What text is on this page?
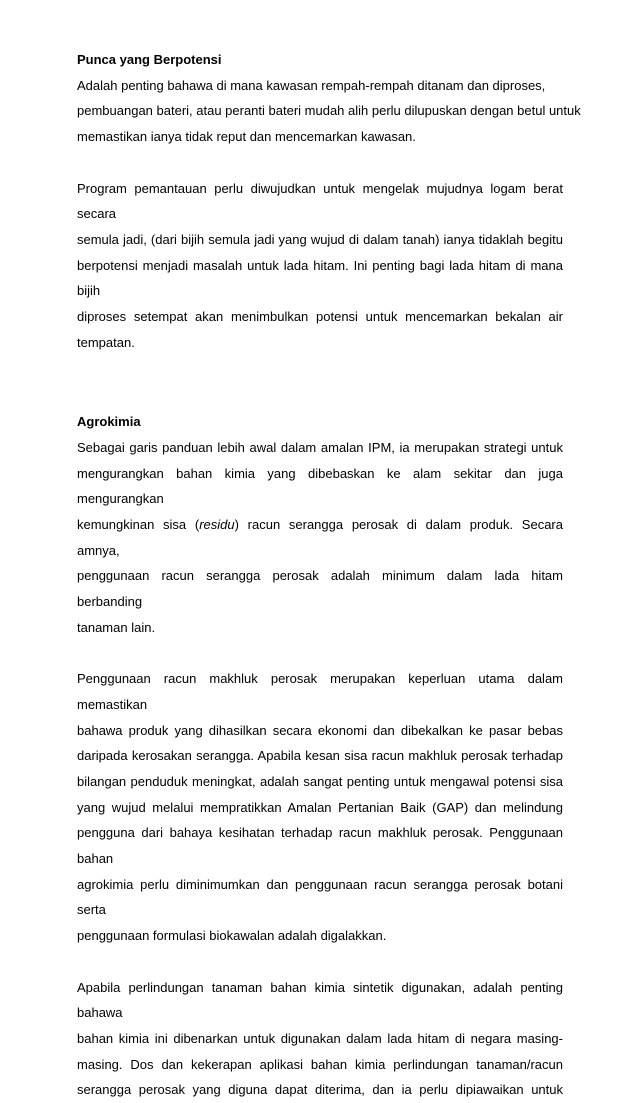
Punca yang Berpotensi

Adalah penting bahawa di mana kawasan rempah-rempah ditanam dan diproses,
pembuangan bateri, atau peranti bateri mudah alih perlu dilupuskan dengan betul untuk
memastikan ianya tidak reput dan mencemarkan kawasan.

Program pemantauan perlu diwujudkan untuk mengelak mujudnya logam berat secara
semula jadi, (dari bijih semula jadi yang wujud di dalam tanah) ianya tidaklah begitu
berpotensi menjadi masalah untuk lada hitam. Ini penting bagi lada hitam di mana bijih
diproses setempat akan menimbulkan potensi untuk mencemarkan bekalan air
tempatan.

Agrokimia

Sebagai garis panduan lebih awal dalam amalan IPM, ia merupakan strategi untuk
mengurangkan bahan kimia yang dibebaskan ke alam sekitar dan juga mengurangkan
kemungkinan sisa (residu) racun serangga perosak di dalam produk. Secara amnya,
penggunaan racun serangga perosak adalah minimum dalam lada hitam berbanding
tanaman lain.

Penggunaan racun makhluk perosak merupakan keperluan utama dalam memastikan
bahawa produk yang dihasilkan secara ekonomi dan dibekalkan ke pasar bebas
daripada kerosakan serangga. Apabila kesan sisa racun makhluk perosak terhadap
bilangan penduduk meningkat, adalah sangat penting untuk mengawal potensi sisa
yang wujud melalui mempratikkan Amalan Pertanian Baik (GAP) dan melindung
pengguna dari bahaya kesihatan terhadap racun makhluk perosak. Penggunaan bahan
agrokimia perlu diminimumkan dan penggunaan racun serangga perosak botani serta
penggunaan formulasi biokawalan adalah digalakkan.

Apabila perlindungan tanaman bahan kimia sintetik digunakan, adalah penting bahawa
bahan kimia ini dibenarkan untuk digunakan dalam lada hitam di negara masing-
masing. Dos dan kekerapan aplikasi bahan kimia perlindungan tanaman/racun
serangga perosak yang diguna dapat diterima, dan ia perlu dipiawaikan untuk
